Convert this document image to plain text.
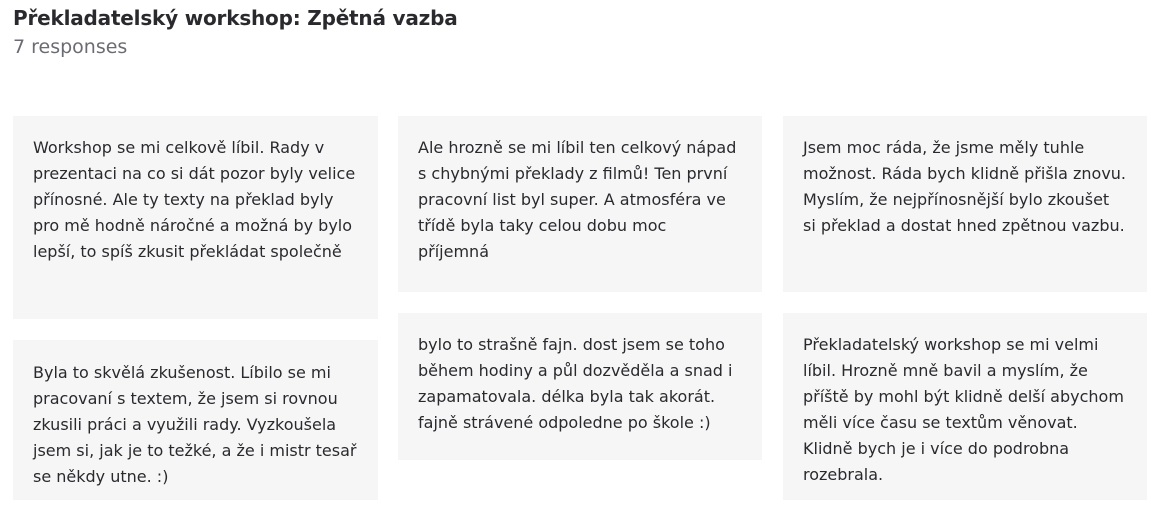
Překladatelský workshop: Zpětná vazba
7 responses
Workshop se mi celkově líbil. Rady v prezentaci na co si dát pozor byly velice přínosné. Ale ty texty na překlad byly pro mě hodně náročné a možná by bylo lepší, to spíš zkusit překládat společně
Ale hrozně se mi líbil ten celkový nápad s chybnými překlady z filmů! Ten první pracovní list byl super. A atmosféra ve třídě byla taky celou dobu moc příjemná
Jsem moc ráda, že jsme měly tuhle možnost. Ráda bych klidně přišla znovu. Myslím, že nejpřínosnější bylo zkoušet si překlad a dostat hned zpětnou vazbu.
Byla to skvělá zkušenost. Líbilo se mi pracovaní s textem, že jsem si rovnou zkusili práci a využili rady. Vyzkoušela jsem si, jak je to težké, a že i mistr tesař se někdy utne. :)
bylo to strašně fajn. dost jsem se toho během hodiny a půl dozvěděla a snad i zapamatovala. délka byla tak akorát. fajně strávené odpoledne po škole :)
Překladatelský workshop se mi velmi líbil. Hrozně mně bavil a myslím, že příště by mohl být klidně delší abychom měli více času se textům věnovat. Klidně bych je i více do podrobna rozebrala.
